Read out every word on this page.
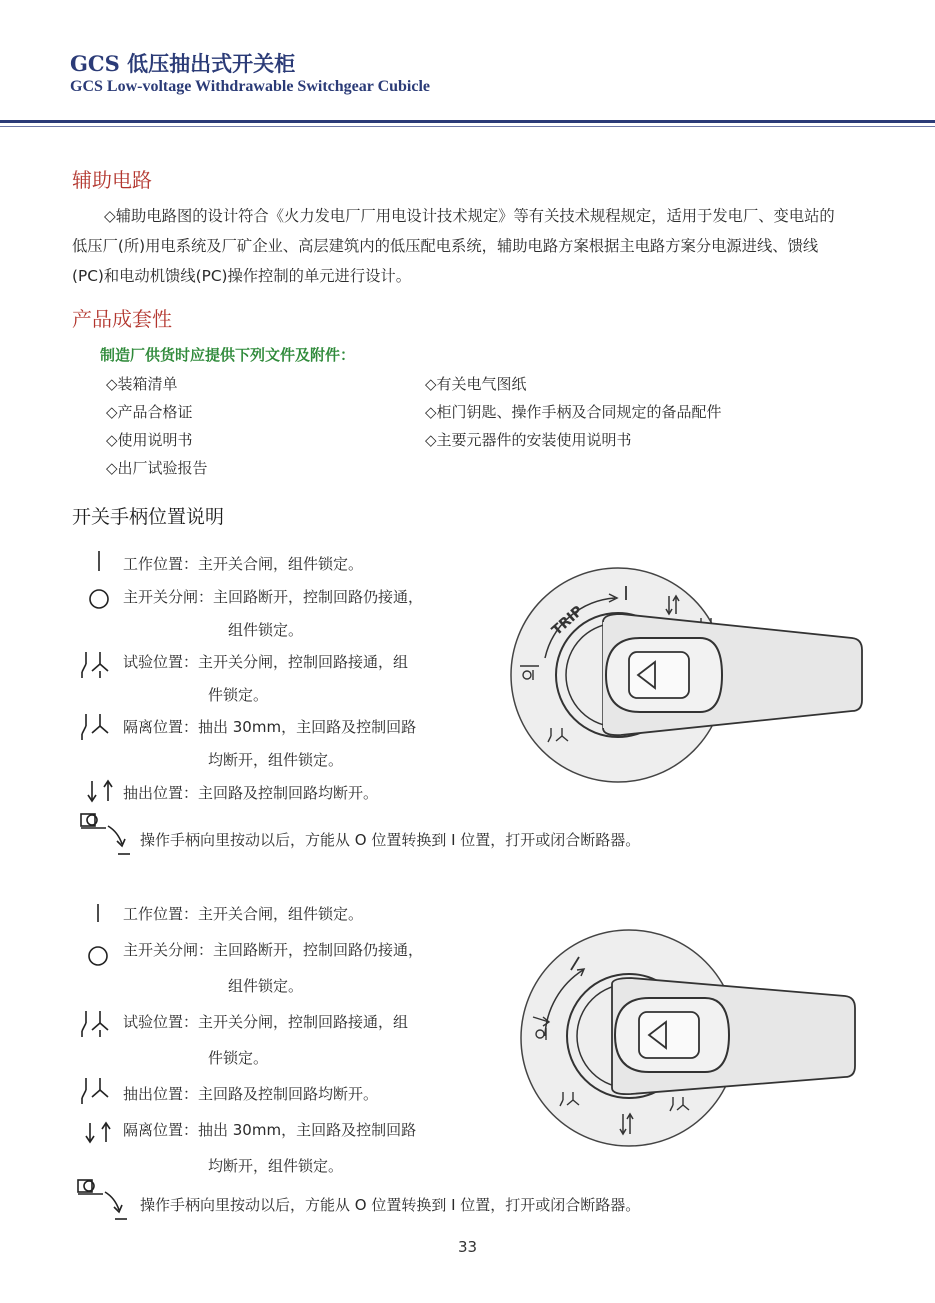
GCS 低压抽出式开关柜
GCS Low-voltage Withdrawable Switchgear Cubicle
辅助电路
◇辅助电路图的设计符合《火力发电厂厂用电设计技术规定》等有关技术规程规定，适用于发电厂、变电站的低压厂(所)用电系统及厂矿企业、高层建筑内的低压配电系统，辅助电路方案根据主电路方案分电源进线、馈线(PC)和电动机馈线(PC)操作控制的单元进行设计。
产品成套性
制造厂供货时应提供下列文件及附件：
◇装箱清单
◇产品合格证
◇使用说明书
◇出厂试验报告
◇有关电气图纸
◇柜门钥匙、操作手柄及合同规定的备品配件
◇主要元器件的安装使用说明书
开关手柄位置说明
工作位置：主开关合闸，组件锁定。
主开关分闸：主回路断开，控制回路仍接通，
组件锁定。
试验位置：主开关分闸，控制回路接通，组
件锁定。
隔离位置：抽出 30mm，主回路及控制回路
均断开，组件锁定。
抽出位置：主回路及控制回路均断开。
操作手柄向里按动以后，方能从 O 位置转换到 I 位置，打开或闭合断路器。
TRIP
工作位置：主开关合闸，组件锁定。
主开关分闸：主回路断开，控制回路仍接通，
组件锁定。
试验位置：主开关分闸，控制回路接通，组
件锁定。
抽出位置：主回路及控制回路均断开。
隔离位置：抽出 30mm，主回路及控制回路
均断开，组件锁定。
操作手柄向里按动以后，方能从 O 位置转换到 I 位置，打开或闭合断路器。
33
